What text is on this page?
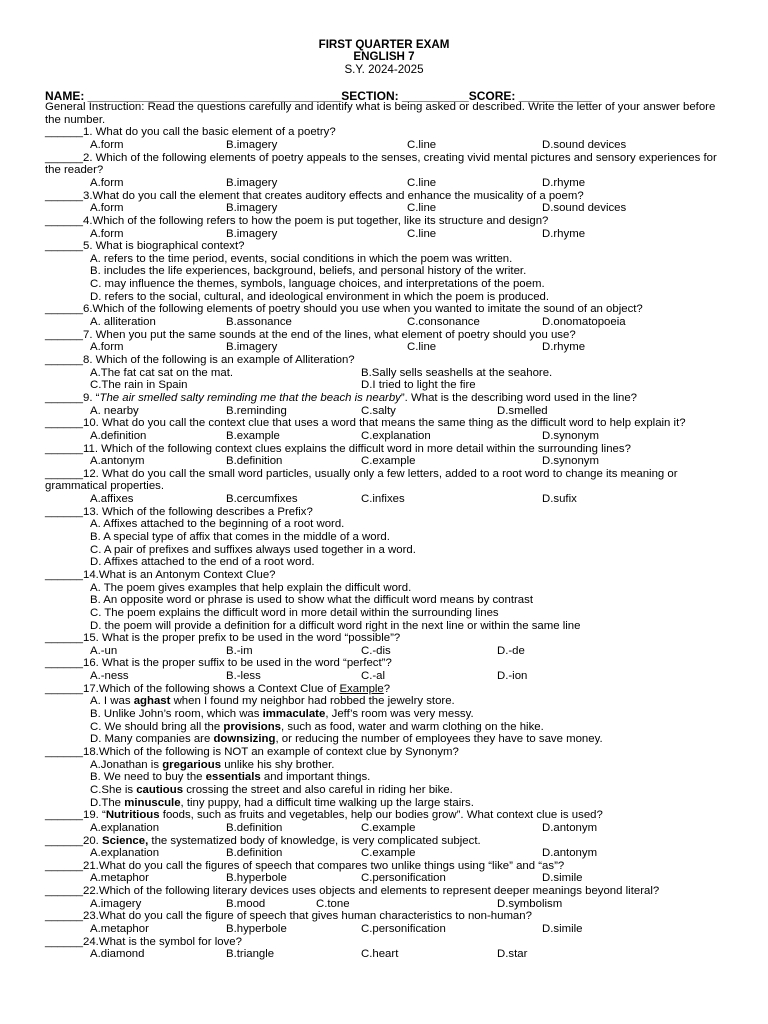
FIRST QUARTER EXAM
ENGLISH 7
S.Y. 2024-2025
NAME: ______________________________________SECTION: __________SCORE: ___________
General Instruction: Read the questions carefully and identify what is being asked or described. Write the letter of your answer before the number.
______1. What do you call the basic element of a poetry?
A.form	B.imagery	C.line	D.sound devices
______2. Which of the following elements of poetry appeals to the senses, creating vivid mental pictures and sensory experiences for the reader?
A.form	B.imagery	C.line	D.rhyme
______3.What do you call the element that creates auditory effects and enhance the musicality of a poem?
A.form	B.imagery	C.line	D.sound devices
______4.Which of the following refers to how the poem is put together, like its structure and design?
A.form	B.imagery	C.line	D.rhyme
______5. What is biographical context?
A. refers to the time period, events, social conditions in which the poem was written.
B. includes the life experiences, background, beliefs, and personal history of the writer.
C. may influence the themes, symbols, language choices, and interpretations of the poem.
D. refers to the social, cultural, and ideological environment in which the poem is produced.
______6.Which of the following elements of poetry should you use when you wanted to imitate the sound of an object?
A. alliteration	B.assonance	C.consonance	D.onomatopoeia
______7. When you put the same sounds at the end of the lines, what element of poetry should you use?
A.form	B.imagery	C.line	D.rhyme
______8. Which of the following is an example of Alliteration?
A.The fat cat sat on the mat.	B.Sally sells seashells at the seahore.
C.The rain in Spain	D.I tried to light the fire
______9. “The air smelled salty reminding me that the beach is nearby”. What is the describing word used in the line?
A. nearby	B.reminding	C.salty	D.smelled
______10. What do you call the context clue that uses a word that means the same thing as the difficult word to help explain it?
A.definition	B.example	C.explanation	D.synonym
______11. Which of the following context clues explains the difficult word in more detail within the surrounding lines?
A.antonym	B.definition	C.example	D.synonym
______12. What do you call the small word particles, usually only a few letters, added to a root word to change its meaning or grammatical properties.
A.affixes	B.cercumfixes	C.infixes	D.sufix
______13. Which of the following describes a Prefix?
A. Affixes attached to the beginning of a root word.
B. A special type of affix that comes in the middle of a word.
C. A pair of prefixes and suffixes always used together in a word.
D. Affixes attached to the end of a root word.
______14.What is an Antonym Context Clue?
A. The poem gives examples that help explain the difficult word.
B. An opposite word or phrase is used to show what the difficult word means by contrast
C. The poem explains the difficult word in more detail within the surrounding lines
D. the poem will provide a definition for a difficult word right in the next line or within the same line
______15. What is the proper prefix to be used in the word “possible”?
A.-un	B.-im	C.-dis	D.-de
______16. What is the proper suffix to be used in the word “perfect”?
A.-ness	B.-less	C.-al	D.-ion
______17.Which of the following shows a Context Clue of Example?
A. I was aghast when I found my neighbor had robbed the jewelry store.
B. Unlike John’s room, which was immaculate, Jeff’s room was very messy.
C. We should bring all the provisions, such as food, water and warm clothing on the hike.
D. Many companies are downsizing, or reducing the number of employees they have to save money.
______18.Which of the following is NOT an example of context clue by Synonym?
A.Jonathan is gregarious unlike his shy brother.
B. We need to buy the essentials and important things.
C.She is cautious crossing the street and also careful in riding her bike.
D.The minuscule, tiny puppy, had a difficult time walking up the large stairs.
______19. “Nutritious foods, such as fruits and vegetables, help our bodies grow”. What context clue is used?
A.explanation	B.definition	C.example	D.antonym
______20. Science, the systematized body of knowledge, is very complicated subject.
A.explanation	B.definition	C.example	D.antonym
______21.What do you call the figures of speech that compares two unlike things using “like” and “as”?
A.metaphor	B.hyperbole	C.personification	D.simile
______22.Which of the following literary devices uses objects and elements to represent deeper meanings beyond literal?
A.imagery	B.mood	C.tone	D.symbolism
______23.What do you call the figure of speech that gives human characteristics to non-human?
A.metaphor	B.hyperbole	C.personification	D.simile
______24.What is the symbol for love?
A.diamond	B.triangle	C.heart	D.star
